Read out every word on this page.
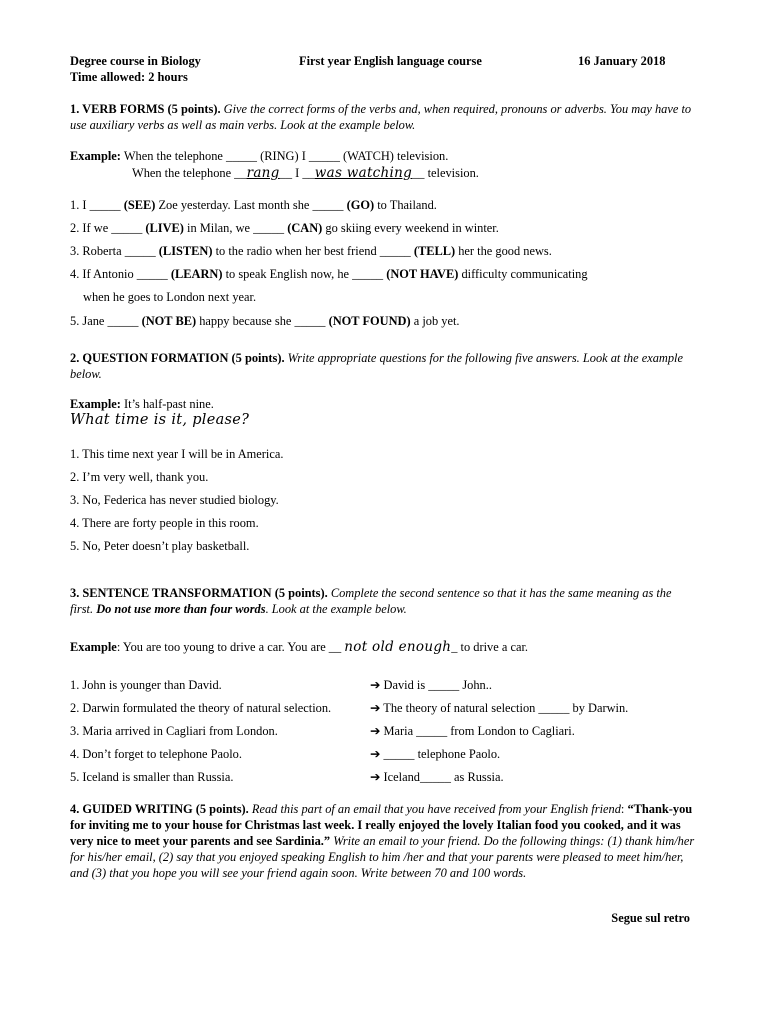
Degree course in Biology
Time allowed: 2 hours
First year English language course	16 January 2018
1. VERB FORMS (5 points). Give the correct forms of the verbs and, when required, pronouns or adverbs. You may have to use auxiliary verbs as well as main verbs. Look at the example below.
Example: When the telephone _____ (RING) I _____ (WATCH) television.
When the telephone __rang__ I __was watching__ television.
1. I _____ (SEE) Zoe yesterday. Last month she _____ (GO) to Thailand.
2. If we _____ (LIVE) in Milan, we _____ (CAN) go skiing every weekend in winter.
3. Roberta _____ (LISTEN) to the radio when her best friend _____ (TELL) her the good news.
4. If Antonio _____ (LEARN) to speak English now, he _____ (NOT HAVE) difficulty communicating
when he goes to London next year.
5. Jane _____ (NOT BE) happy because she _____ (NOT FOUND) a job yet.
2. QUESTION FORMATION (5 points). Write appropriate questions for the following five answers. Look at the example below.
Example: It’s half-past nine.
What time is it, please?
1. This time next year I will be in America.
2. I’m very well, thank you.
3. No, Federica has never studied biology.
4. There are forty people in this room.
5. No, Peter doesn’t play basketball.
3. SENTENCE TRANSFORMATION (5 points). Complete the second sentence so that it has the same meaning as the first. Do not use more than four words. Look at the example below.
Example: You are too young to drive a car. You are __ not old enough_ to drive a car.
1. John is younger than David.	➔ David is _____ John..
2. Darwin formulated the theory of natural selection.	➔ The theory of natural selection _____ by Darwin.
3. Maria arrived in Cagliari from London.	➔ Maria _____ from London to Cagliari.
4. Don’t forget to telephone Paolo.	➔ _____ telephone Paolo.
5. Iceland is smaller than Russia.	➔ Iceland_____ as Russia.
4. GUIDED WRITING (5 points). Read this part of an email that you have received from your English friend: “Thank-you for inviting me to your house for Christmas last week. I really enjoyed the lovely Italian food you cooked, and it was very nice to meet your parents and see Sardinia.” Write an email to your friend. Do the following things: (1) thank him/her for his/her email, (2) say that you enjoyed speaking English to him /her and that your parents were pleased to meet him/her, and (3) that you hope you will see your friend again soon. Write between 70 and 100 words.
Segue sul retro
